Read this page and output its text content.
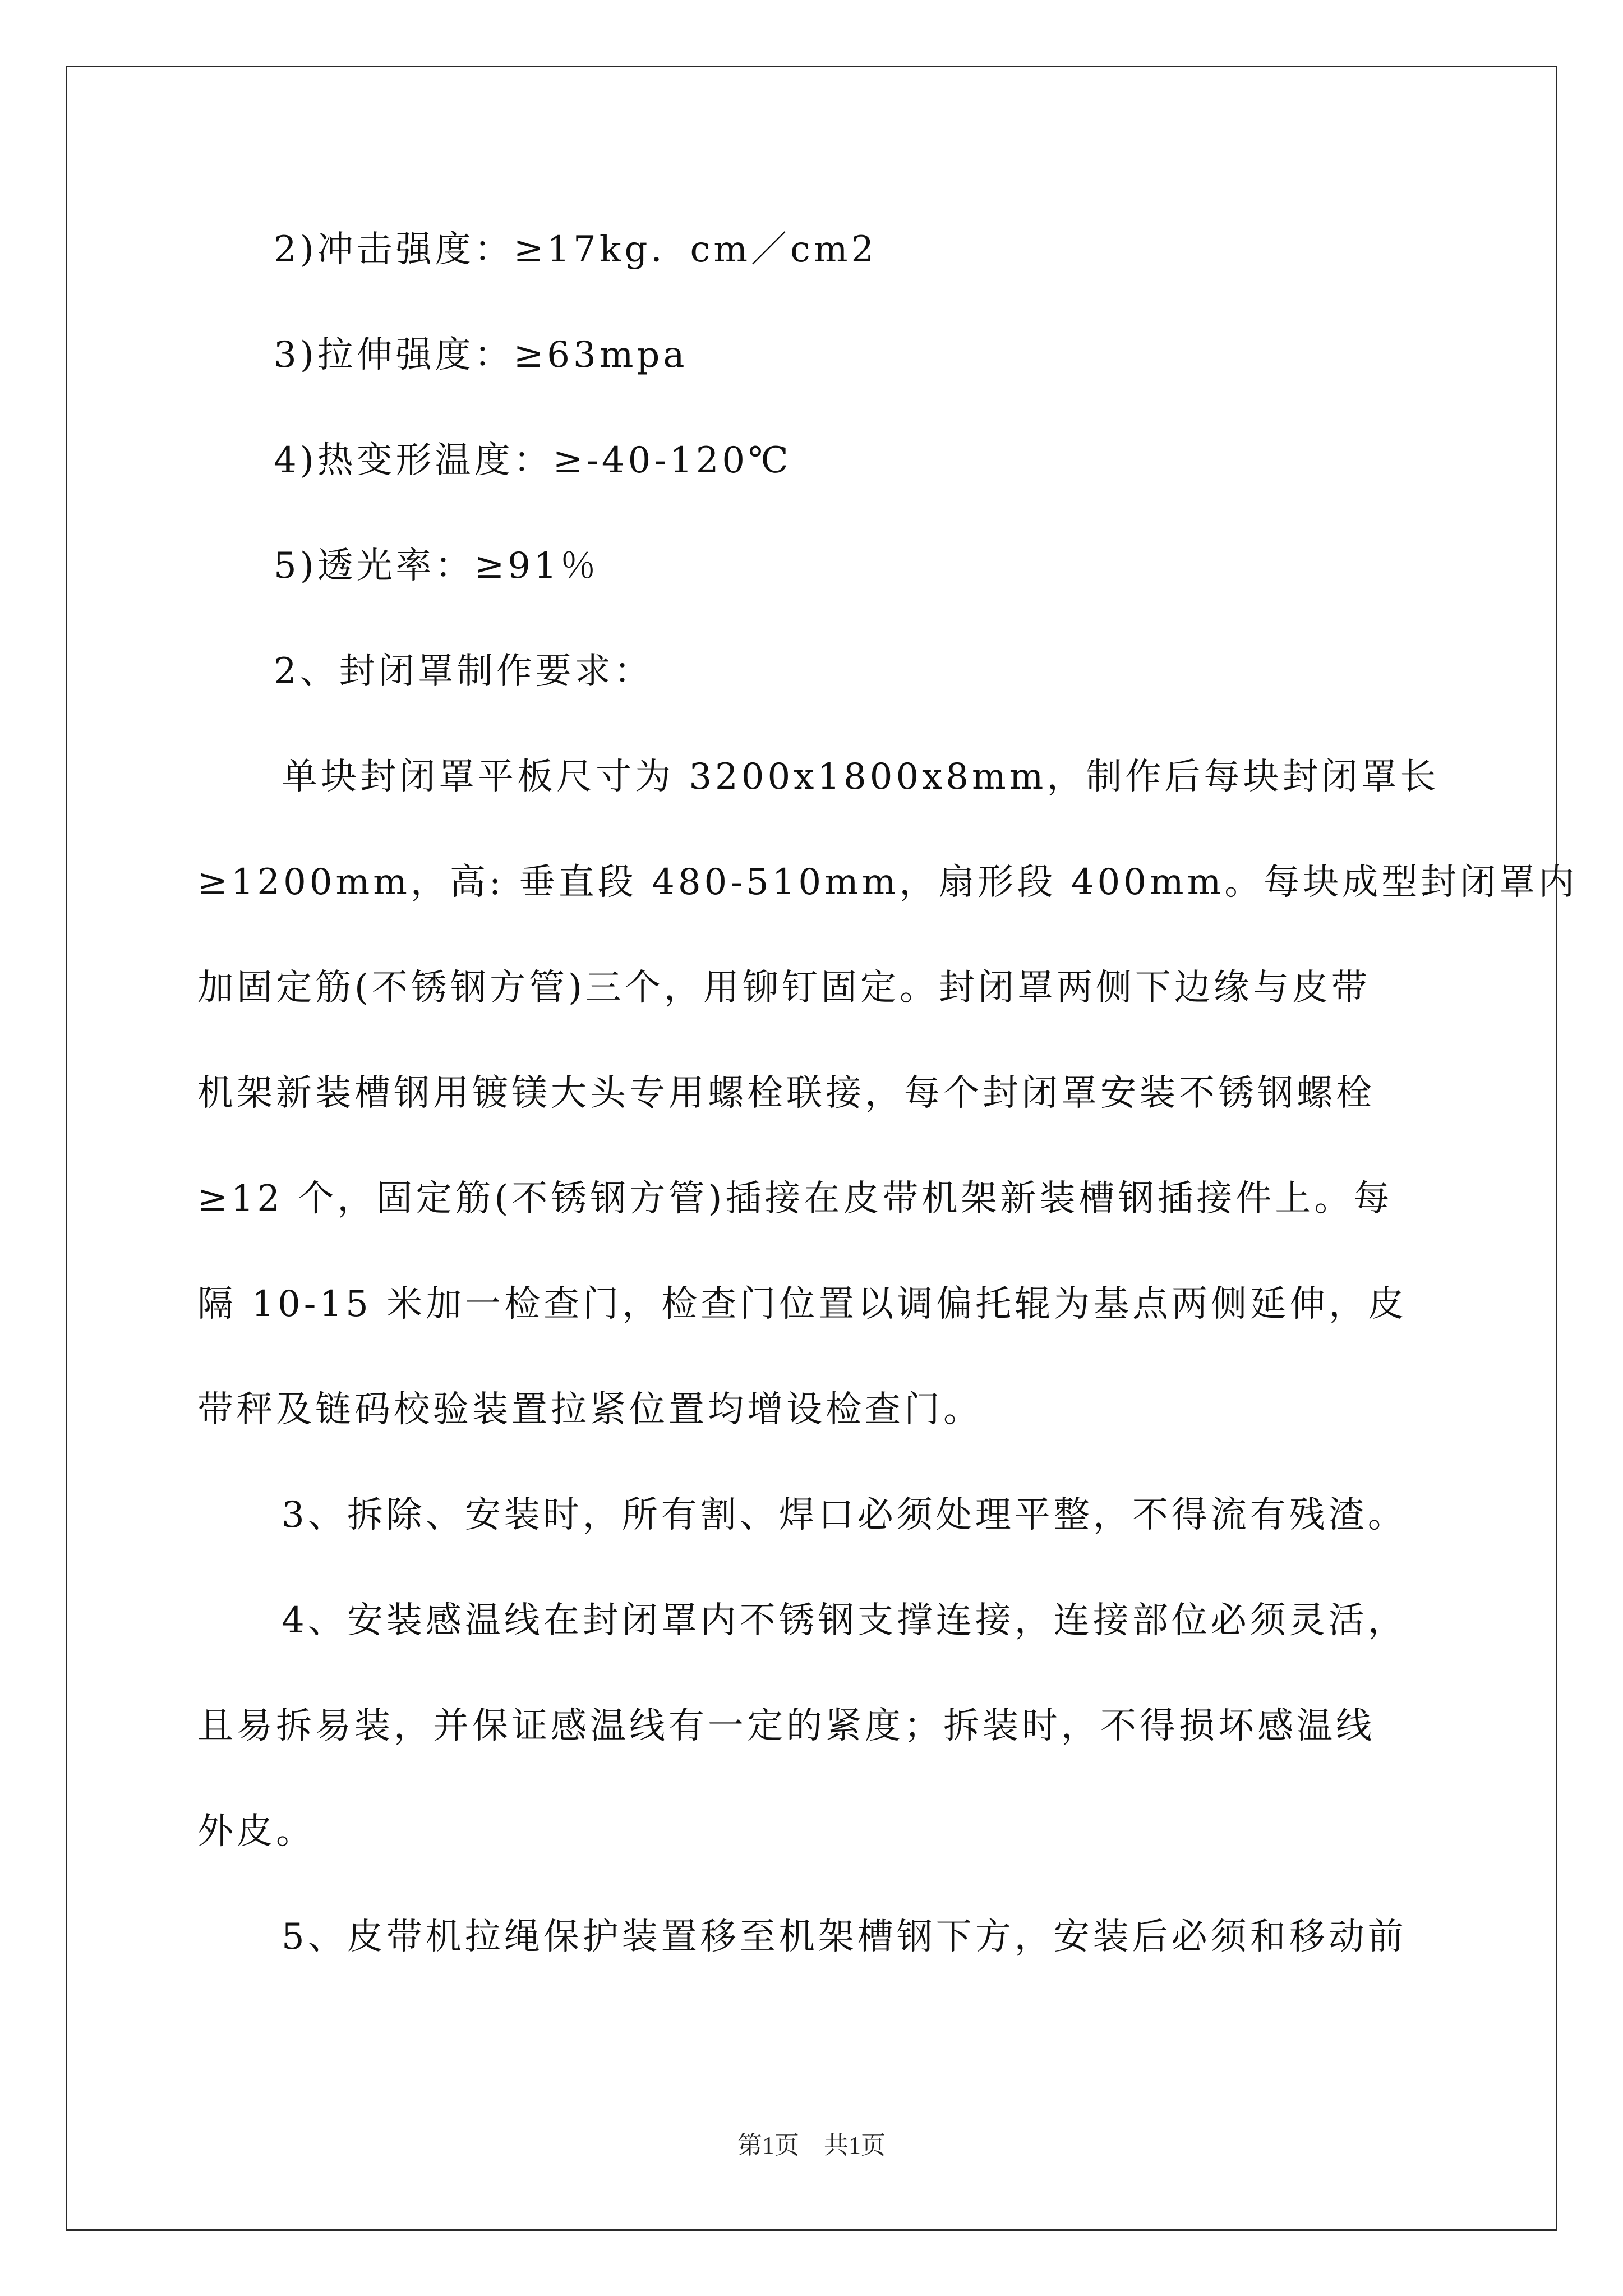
2)冲击强度：≥17kg．cm／cm2
3)拉伸强度：≥63mpa
4)热变形温度：≥-40-120℃
5)透光率：≥91％
2、封闭罩制作要求：
单块封闭罩平板尺寸为 3200x1800x8mm，制作后每块封闭罩长
≥1200mm，高: 垂直段 480-510mm，扇形段 400mm。每块成型封闭罩内
加固定筋(不锈钢方管)三个，用铆钉固定。封闭罩两侧下边缘与皮带
机架新装槽钢用镀镁大头专用螺栓联接，每个封闭罩安装不锈钢螺栓
≥12 个，固定筋(不锈钢方管)插接在皮带机架新装槽钢插接件上。每
隔 10-15 米加一检查门，检查门位置以调偏托辊为基点两侧延伸，皮
带秤及链码校验装置拉紧位置均增设检查门。
3、拆除、安装时，所有割、焊口必须处理平整，不得流有残渣。
4、安装感温线在封闭罩内不锈钢支撑连接，连接部位必须灵活，
且易拆易装，并保证感温线有一定的紧度；拆装时，不得损坏感温线
外皮。
5、皮带机拉绳保护装置移至机架槽钢下方，安装后必须和移动前
第1页　共1页
